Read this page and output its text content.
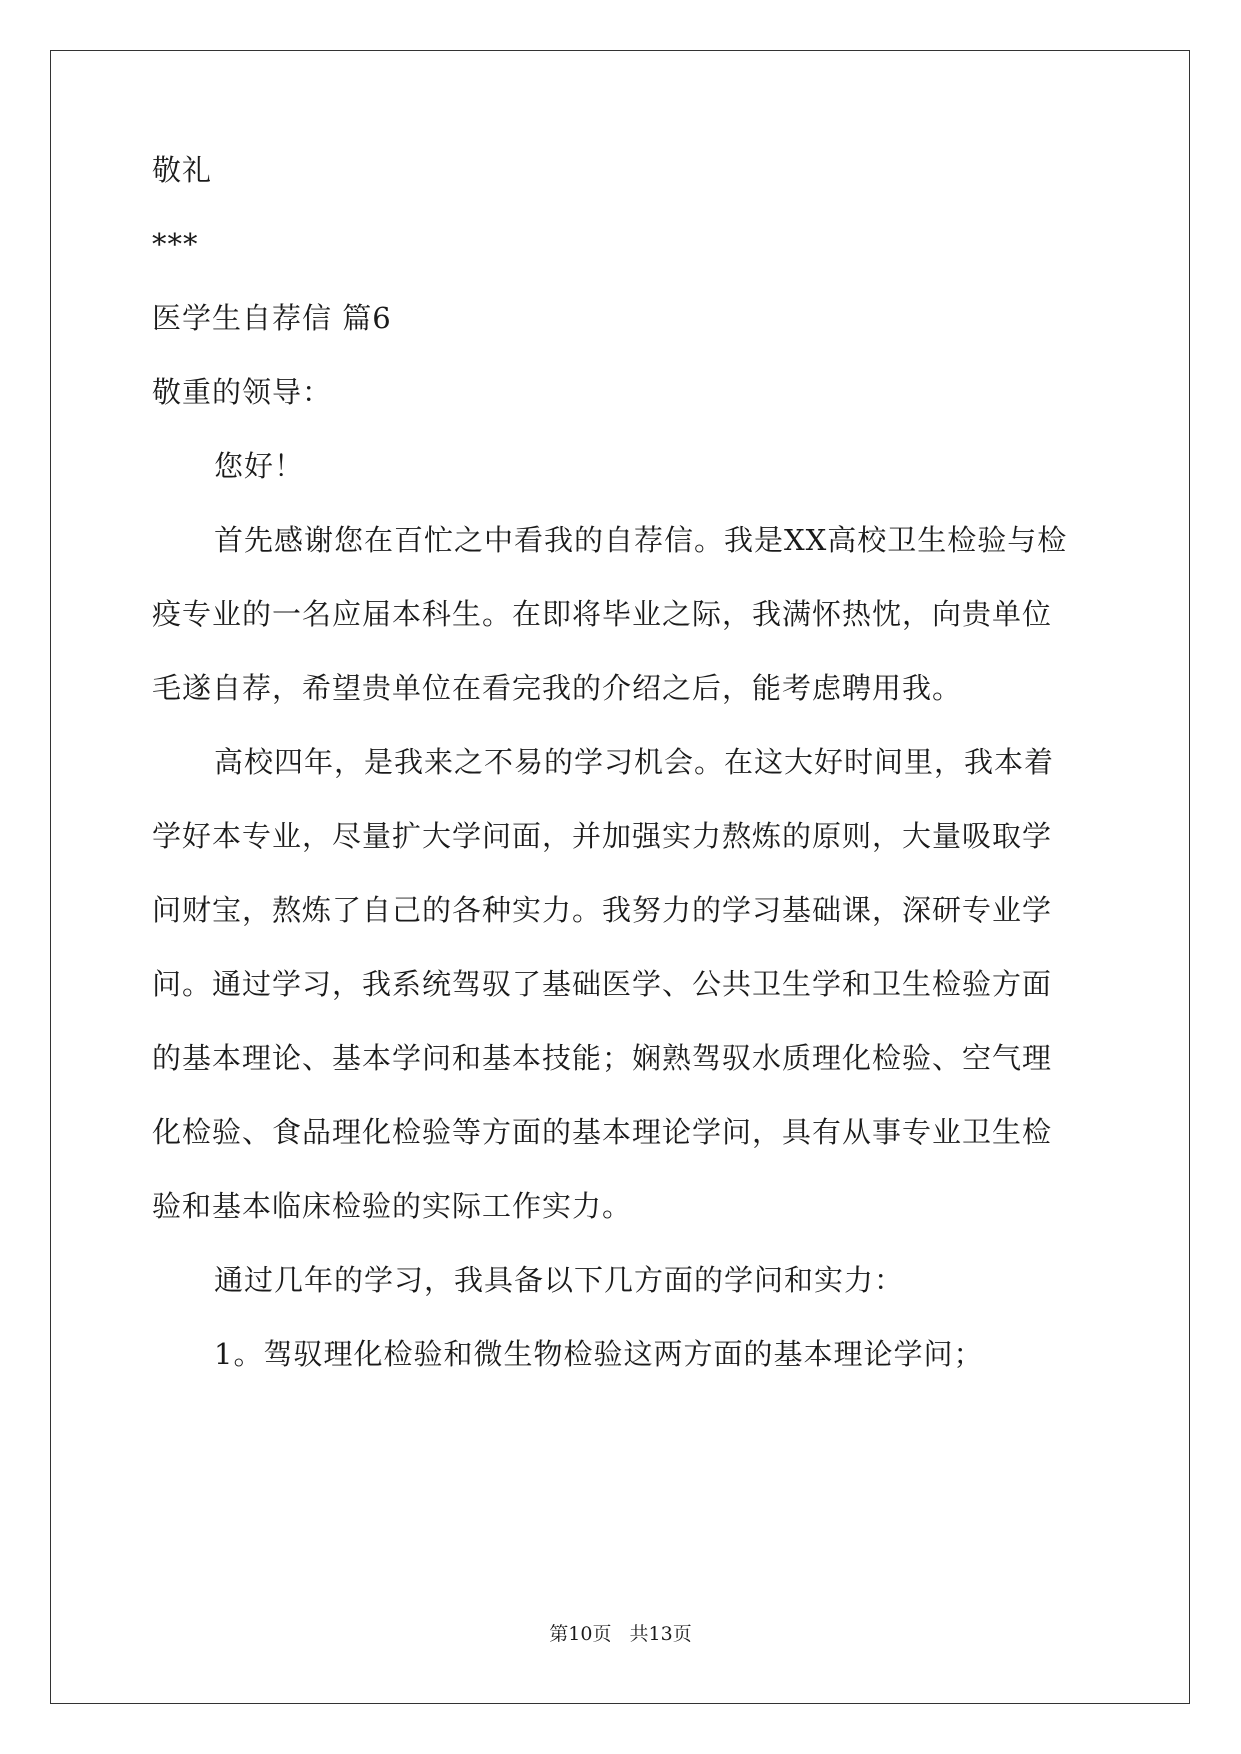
敬礼
***
医学生自荐信 篇6
敬重的领导：
您好！
首先感谢您在百忙之中看我的自荐信。我是XX高校卫生检验与检
疫专业的一名应届本科生。在即将毕业之际，我满怀热忱，向贵单位
毛遂自荐，希望贵单位在看完我的介绍之后，能考虑聘用我。
高校四年，是我来之不易的学习机会。在这大好时间里，我本着
学好本专业，尽量扩大学问面，并加强实力熬炼的原则，大量吸取学
问财宝，熬炼了自己的各种实力。我努力的学习基础课，深研专业学
问。通过学习，我系统驾驭了基础医学、公共卫生学和卫生检验方面
的基本理论、基本学问和基本技能；娴熟驾驭水质理化检验、空气理
化检验、食品理化检验等方面的基本理论学问，具有从事专业卫生检
验和基本临床检验的实际工作实力。
通过几年的学习，我具备以下几方面的学问和实力：
1。驾驭理化检验和微生物检验这两方面的基本理论学问；
第10页 共13页
